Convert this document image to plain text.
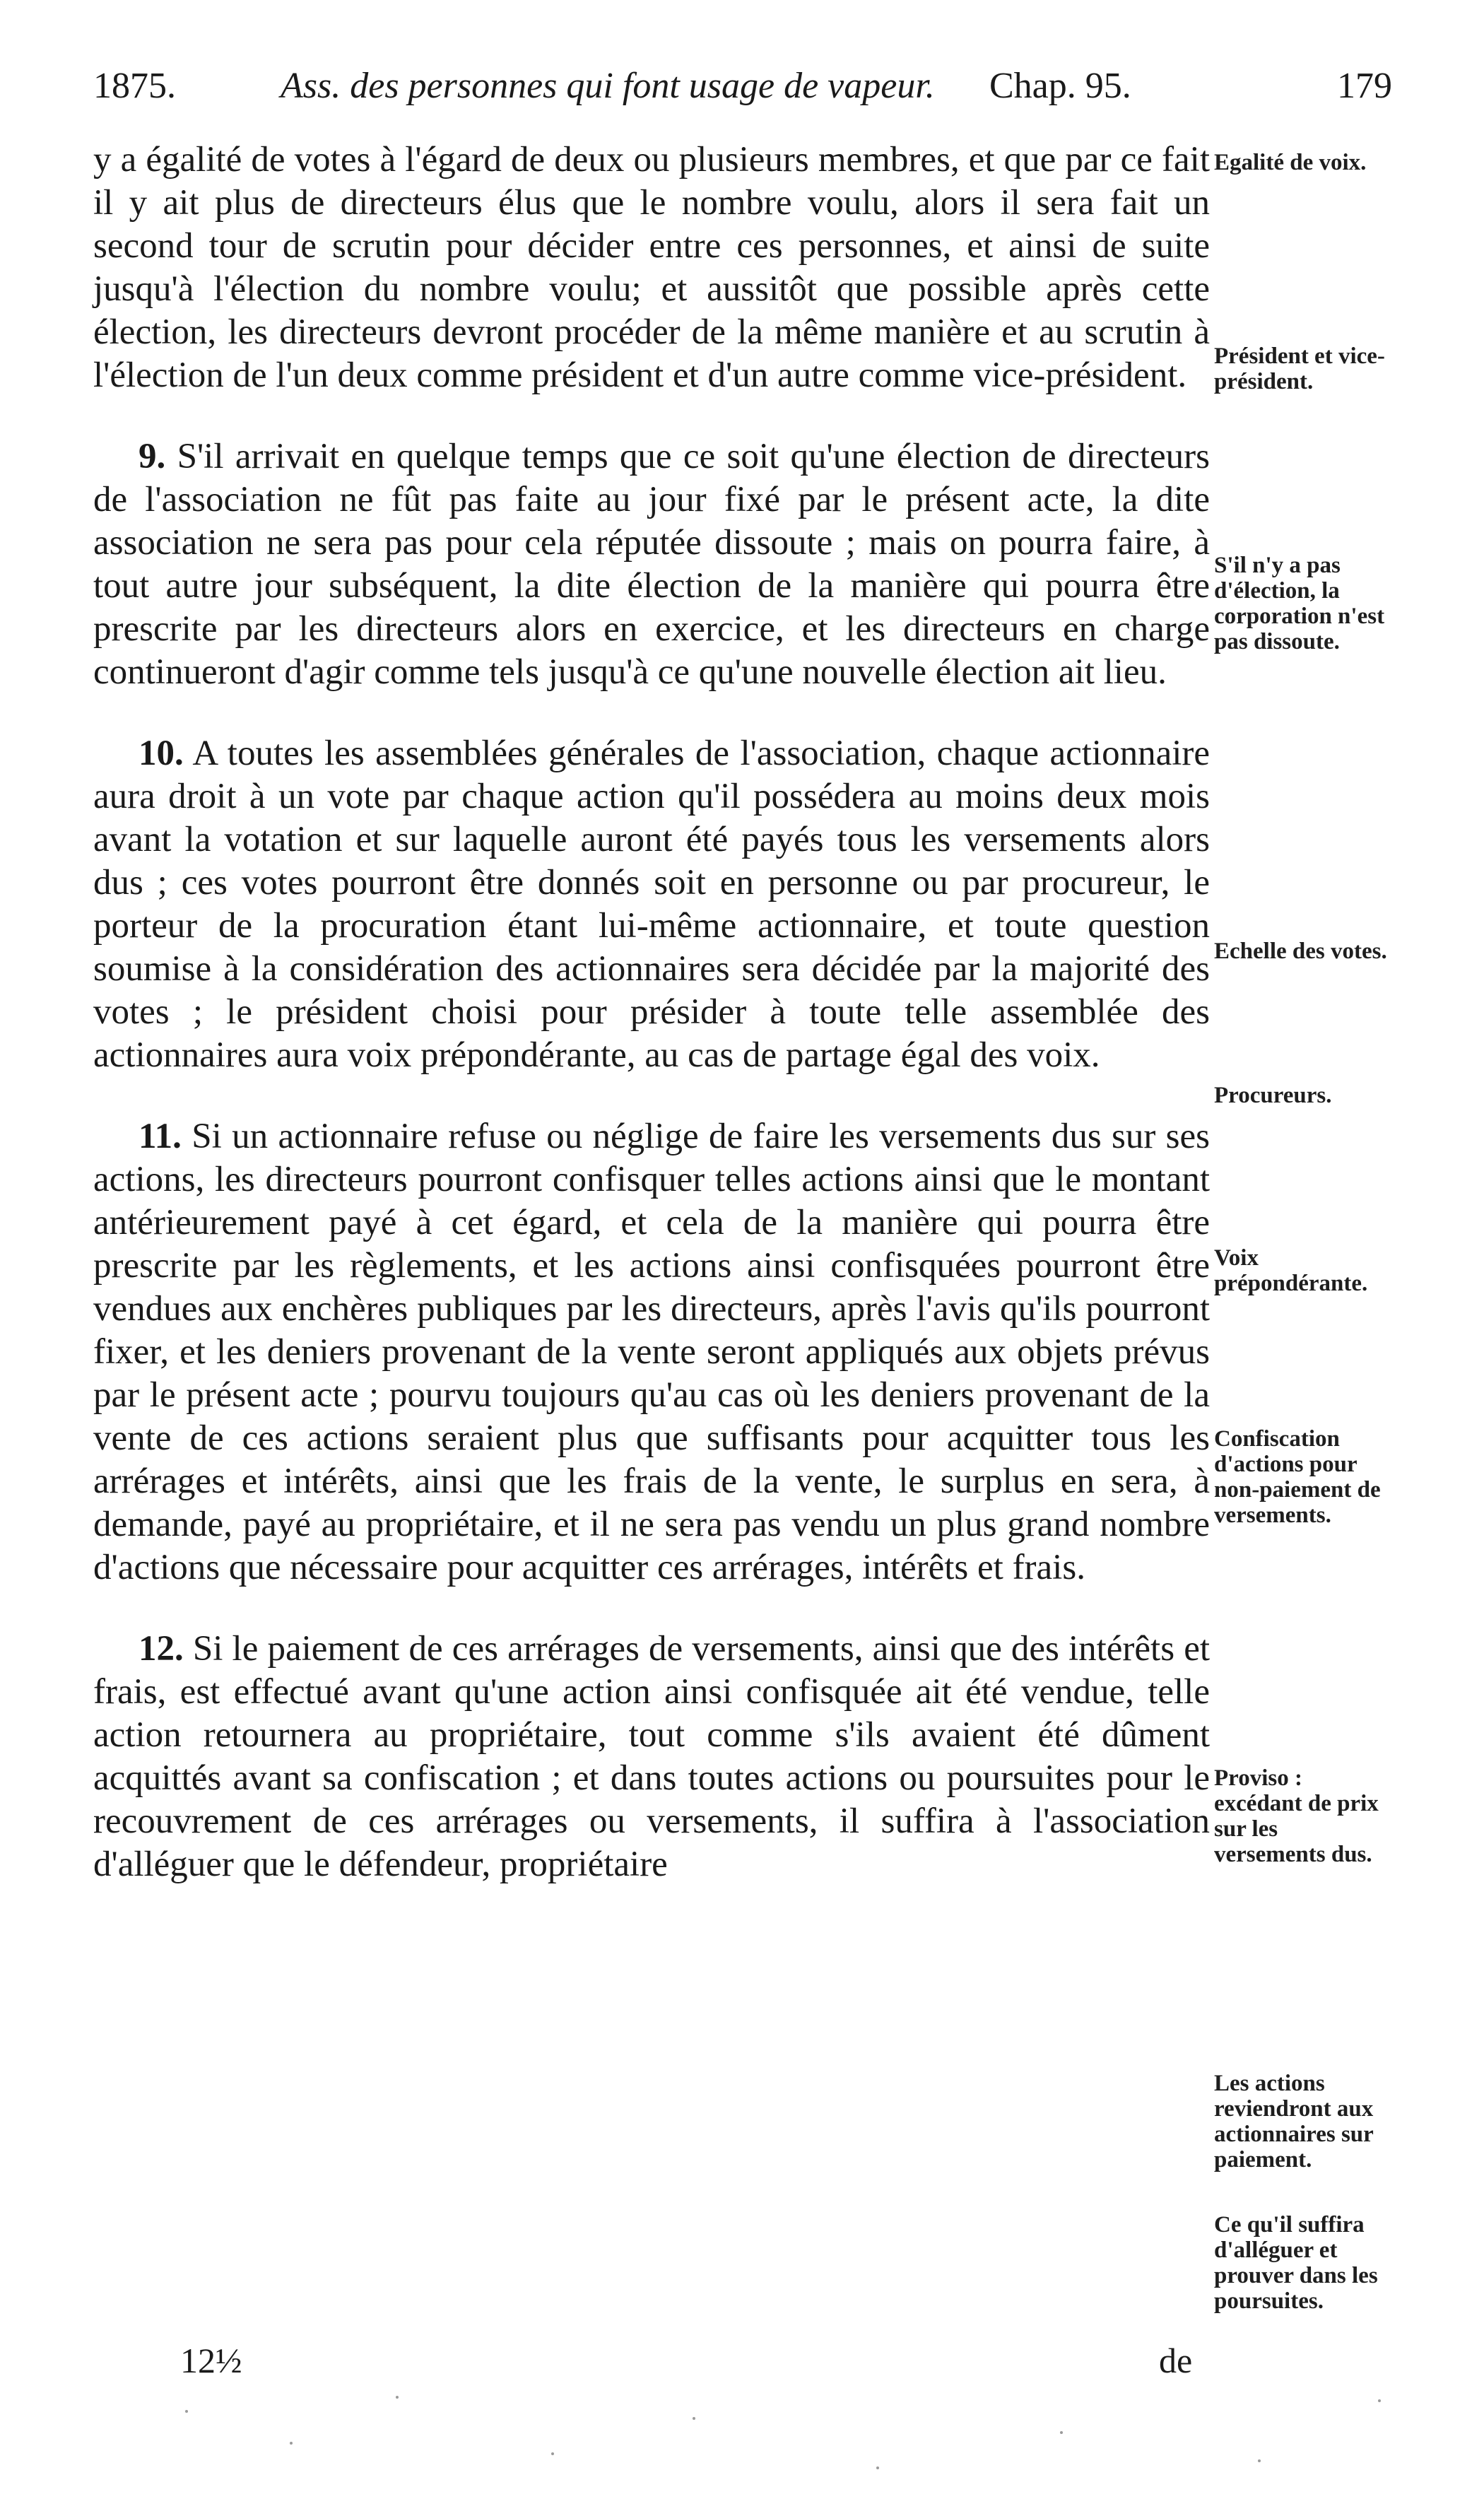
1875.	Ass. des personnes qui font usage de vapeur. Chap. 95.	179

y a égalité de votes à l'égard de deux ou plusieurs membres, et que par ce fait il y ait plus de directeurs élus que le nombre voulu, alors il sera fait un second tour de scrutin pour décider entre ces personnes, et ainsi de suite jusqu'à l'élection du nombre voulu; et aussitôt que possible après cette élection, les directeurs devront procéder de la même manière et au scrutin à l'élection de l'un deux comme président et d'un autre comme vice-président.

9. S'il arrivait en quelque temps que ce soit qu'une élection de directeurs de l'association ne fût pas faite au jour fixé par le présent acte, la dite association ne sera pas pour cela réputée dissoute ; mais on pourra faire, à tout autre jour subséquent, la dite élection de la manière qui pourra être prescrite par les directeurs alors en exercice, et les directeurs en charge continueront d'agir comme tels jusqu'à ce qu'une nouvelle élection ait lieu.

10. A toutes les assemblées générales de l'association, chaque actionnaire aura droit à un vote par chaque action qu'il possédera au moins deux mois avant la votation et sur laquelle auront été payés tous les versements alors dus ; ces votes pourront être donnés soit en personne ou par procureur, le porteur de la procuration étant lui-même actionnaire, et toute question soumise à la considération des actionnaires sera décidée par la majorité des votes ; le président choisi pour présider à toute telle assemblée des actionnaires aura voix prépondérante, au cas de partage égal des voix.

11. Si un actionnaire refuse ou néglige de faire les versements dus sur ses actions, les directeurs pourront confisquer telles actions ainsi que le montant antérieurement payé à cet égard, et cela de la manière qui pourra être prescrite par les règlements, et les actions ainsi confisquées pourront être vendues aux enchères publiques par les directeurs, après l'avis qu'ils pourront fixer, et les deniers provenant de la vente seront appliqués aux objets prévus par le présent acte ; pourvu toujours qu'au cas où les deniers provenant de la vente de ces actions seraient plus que suffisants pour acquitter tous les arrérages et intérêts, ainsi que les frais de la vente, le surplus en sera, à demande, payé au propriétaire, et il ne sera pas vendu un plus grand nombre d'actions que nécessaire pour acquitter ces arrérages, intérêts et frais.

12. Si le paiement de ces arrérages de versements, ainsi que des intérêts et frais, est effectué avant qu'une action ainsi confisquée ait été vendue, telle action retournera au propriétaire, tout comme s'ils avaient été dûment acquittés avant sa confiscation ; et dans toutes actions ou poursuites pour le recouvrement de ces arrérages ou versements, il suffira à l'association d'alléguer que le défendeur, propriétaire

Egalité de voix.
Président et vice-président.
S'il n'y a pas d'élection, la corporation n'est pas dissoute.
Echelle des votes.
Procureurs.
Voix prépondérante.
Confiscation d'actions pour non-paiement de versements.
Proviso : excédant de prix sur les versements dus.
Les actions reviendront aux actionnaires sur paiement.
Ce qu'il suffira d'alléguer et prouver dans les poursuites.
12½	de
